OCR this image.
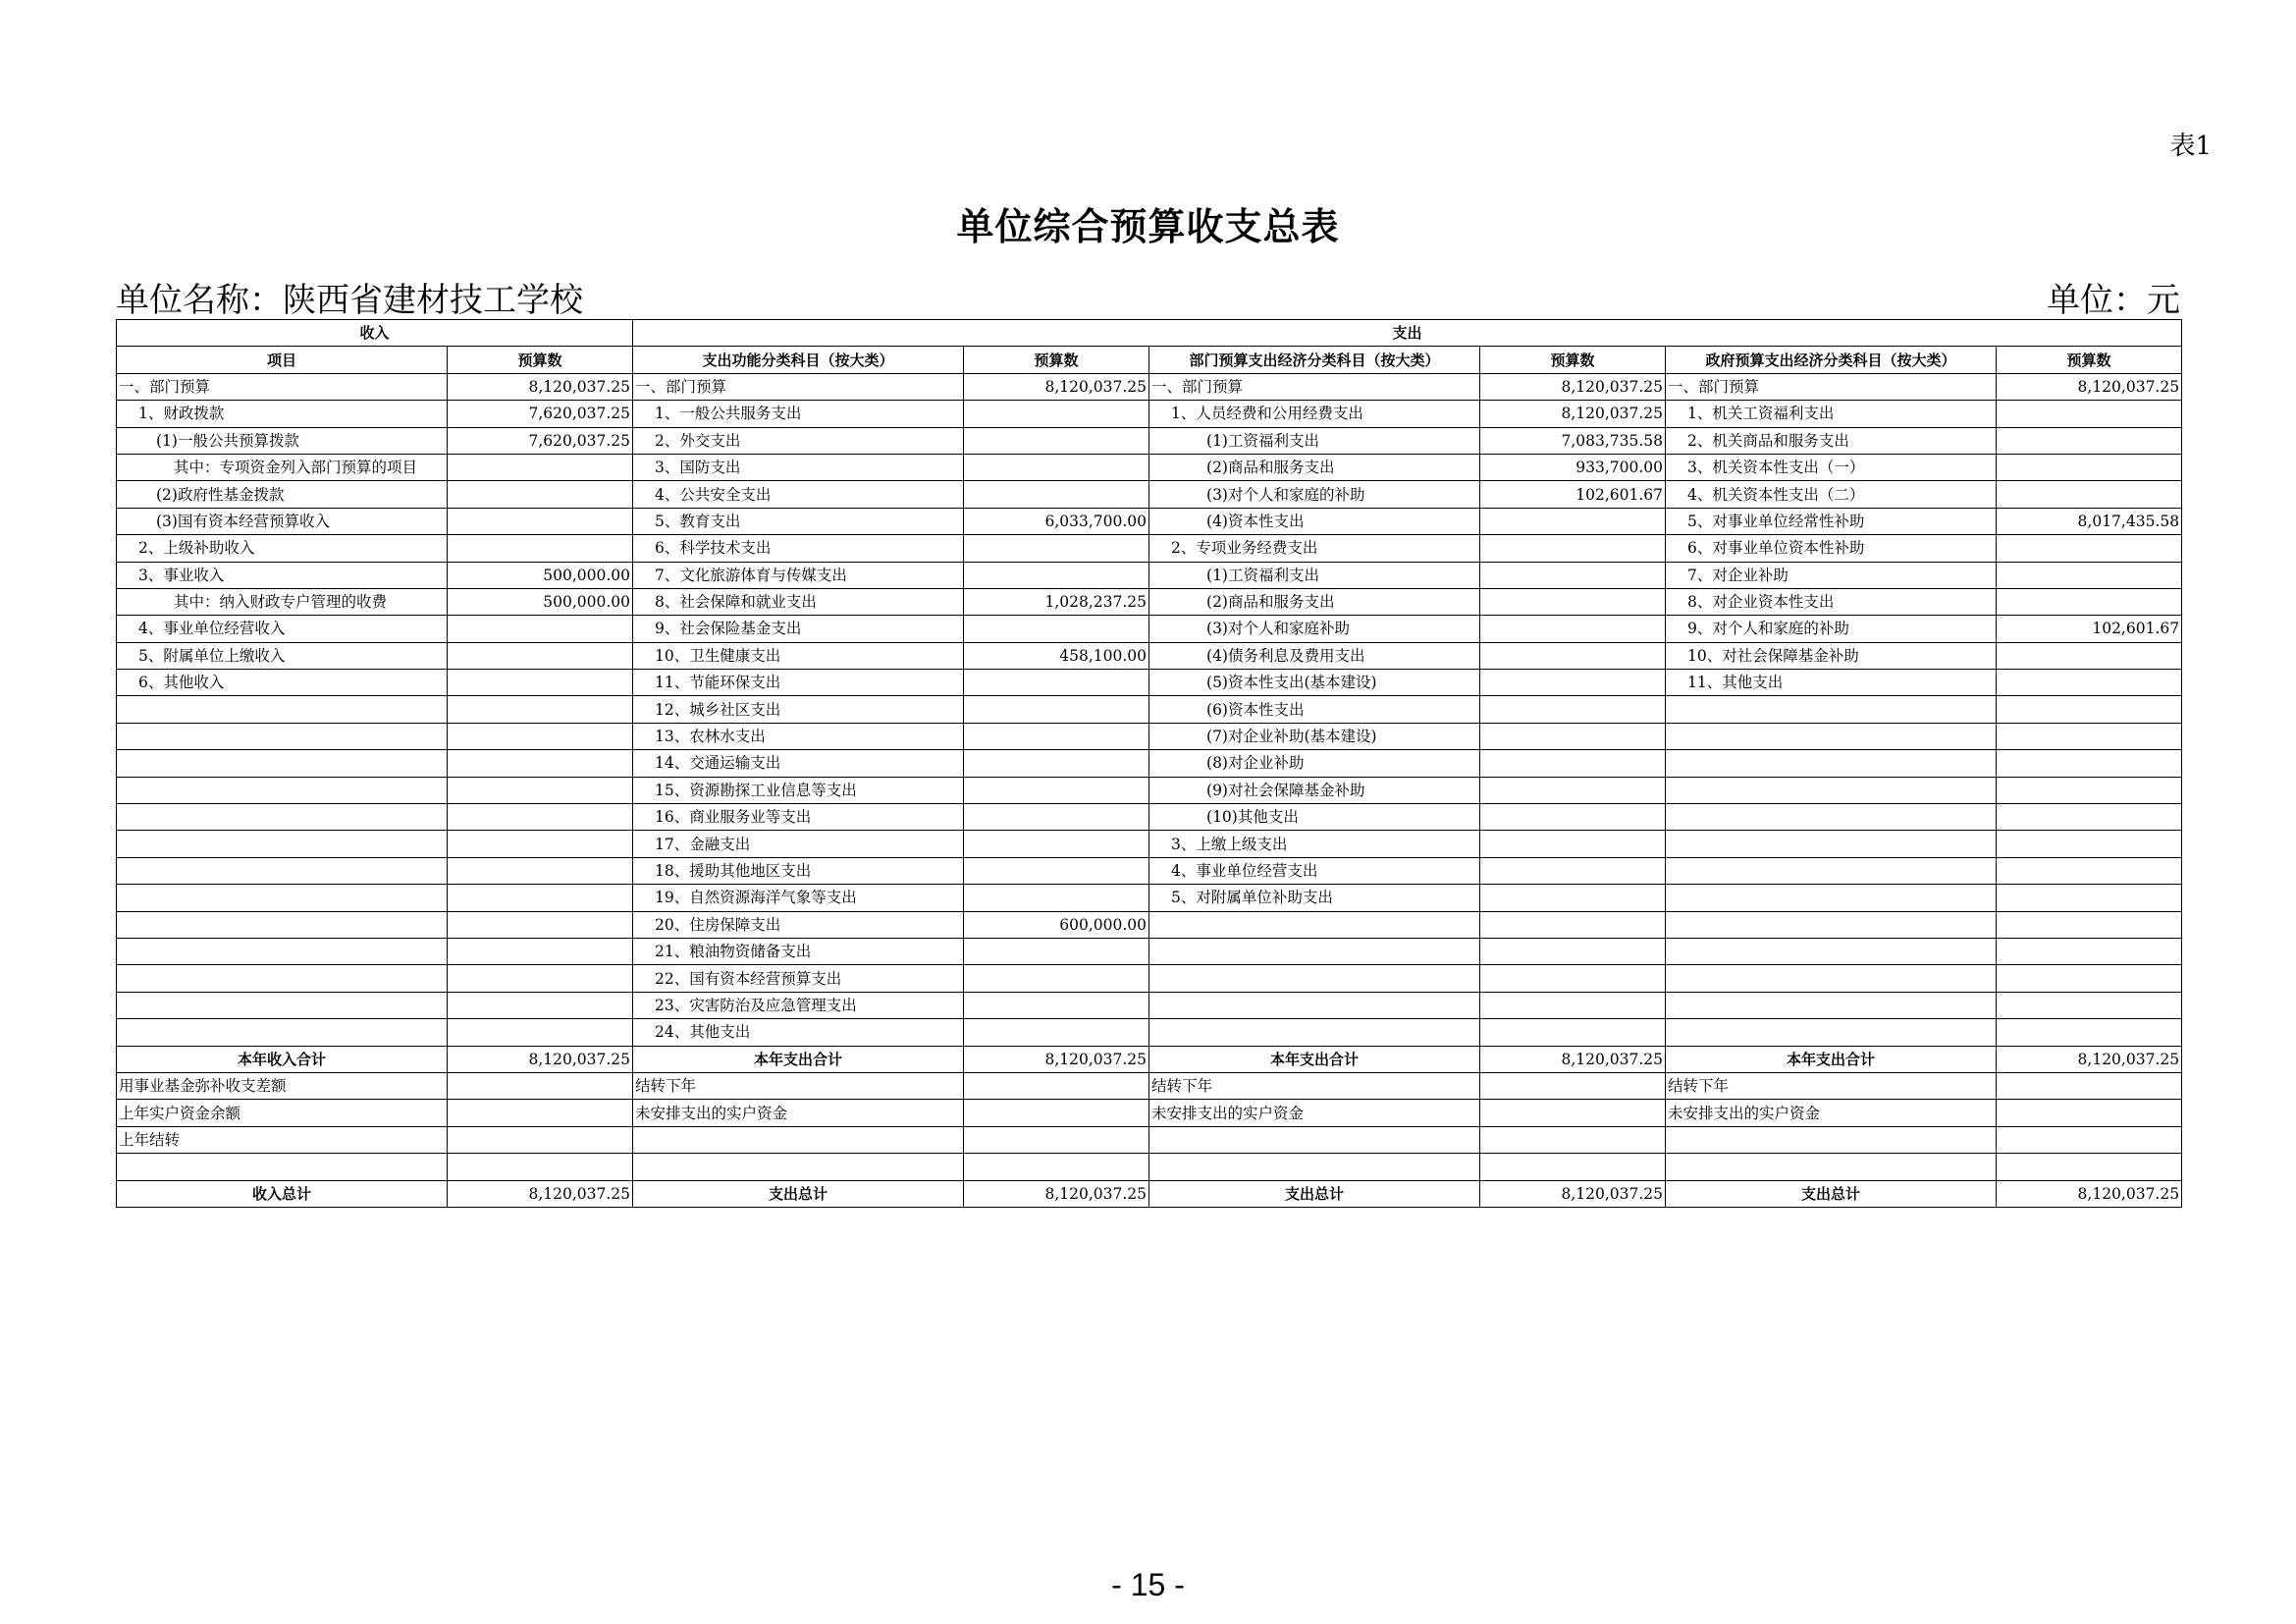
表1
单位综合预算收支总表
单位名称：陕西省建材技工学校	单位：元
收入		支出					
项目	预算数	支出功能分类科目（按大类）	预算数	部门预算支出经济分类科目（按大类）	预算数	政府预算支出经济分类科目（按大类）	预算数
一、部门预算	8,120,037.25	一、部门预算	8,120,037.25	一、部门预算	8,120,037.25	一、部门预算	8,120,037.25
1、财政拨款	7,620,037.25	1、一般公共服务支出		1、人员经费和公用经费支出	8,120,037.25	1、机关工资福利支出	
(1)一般公共预算拨款	7,620,037.25	2、外交支出		(1)工资福利支出	7,083,735.58	2、机关商品和服务支出	
其中：专项资金列入部门预算的项目		3、国防支出		(2)商品和服务支出	933,700.00	3、机关资本性支出（一）	
(2)政府性基金拨款		4、公共安全支出		(3)对个人和家庭的补助	102,601.67	4、机关资本性支出（二）	
(3)国有资本经营预算收入		5、教育支出	6,033,700.00	(4)资本性支出		5、对事业单位经常性补助	8,017,435.58
2、上级补助收入		6、科学技术支出		2、专项业务经费支出		6、对事业单位资本性补助	
3、事业收入	500,000.00	7、文化旅游体育与传媒支出		(1)工资福利支出		7、对企业补助	
其中：纳入财政专户管理的收费	500,000.00	8、社会保障和就业支出	1,028,237.25	(2)商品和服务支出		8、对企业资本性支出	
4、事业单位经营收入		9、社会保险基金支出		(3)对个人和家庭补助		9、对个人和家庭的补助	102,601.67
5、附属单位上缴收入		10、卫生健康支出	458,100.00	(4)债务利息及费用支出		10、对社会保障基金补助	
6、其他收入		11、节能环保支出		(5)资本性支出(基本建设)		11、其他支出	
		12、城乡社区支出		(6)资本性支出			
		13、农林水支出		(7)对企业补助(基本建设)			
		14、交通运输支出		(8)对企业补助			
		15、资源勘探工业信息等支出		(9)对社会保障基金补助			
		16、商业服务业等支出		(10)其他支出			
		17、金融支出		3、上缴上级支出			
		18、援助其他地区支出		4、事业单位经营支出			
		19、自然资源海洋气象等支出		5、对附属单位补助支出			
		20、住房保障支出	600,000.00				
		21、粮油物资储备支出					
		22、国有资本经营预算支出					
		23、灾害防治及应急管理支出					
		24、其他支出					
本年收入合计	8,120,037.25	本年支出合计	8,120,037.25	本年支出合计	8,120,037.25	本年支出合计	8,120,037.25
用事业基金弥补收支差额		结转下年		结转下年		结转下年	
上年实户资金余额		未安排支出的实户资金		未安排支出的实户资金		未安排支出的实户资金	
上年结转							

收入总计	8,120,037.25	支出总计	8,120,037.25	支出总计	8,120,037.25	支出总计	8,120,037.25
- 15 -
